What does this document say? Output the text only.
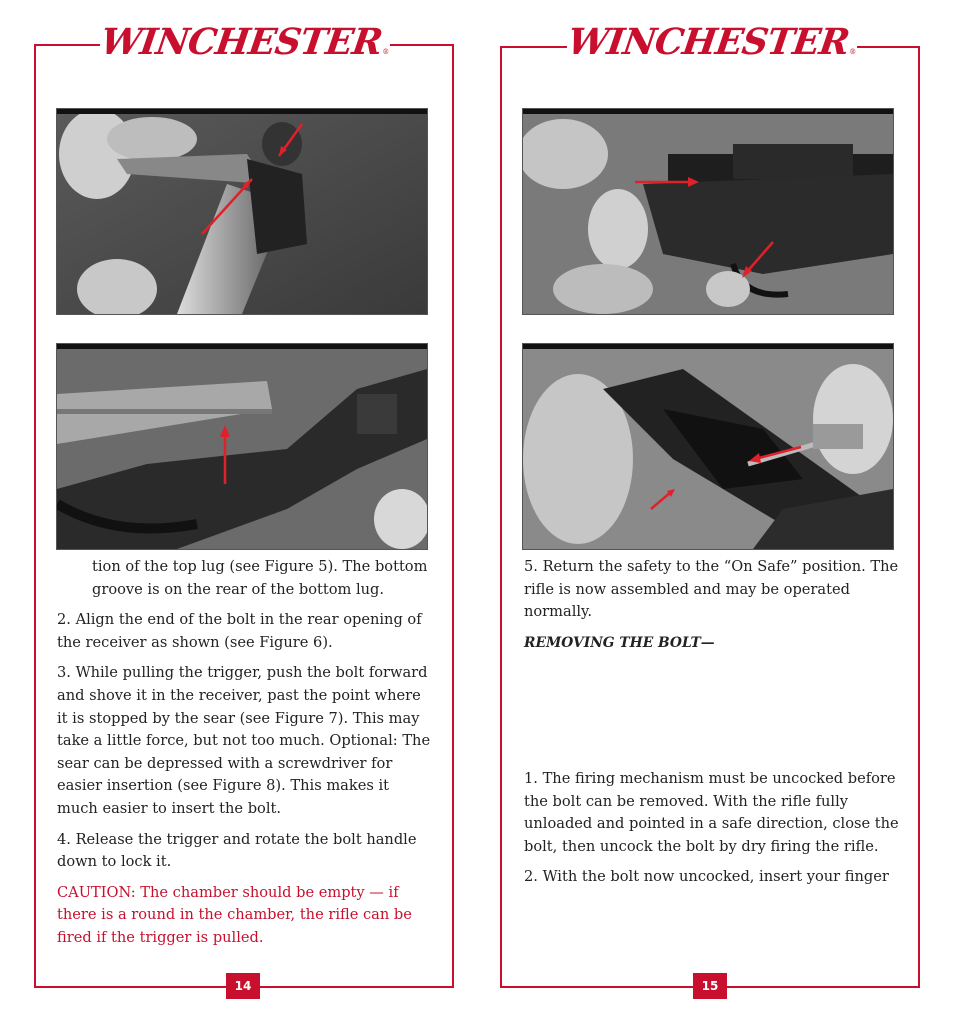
WINCHESTER
®

tion of the top lug (see Figure 5). The bottom groove is on the rear of the bottom lug.

2. Align the end of the bolt in the rear opening of the receiver as shown (see Figure 6).

3. While pulling the trigger, push the bolt forward and shove it in the receiver, past the point where it is stopped by the sear (see Figure 7). This may take a little force, but not too much. Optional: The sear can be depressed with a screwdriver for easier insertion (see Figure 8). This makes it much easier to insert the bolt.

4. Release the trigger and rotate the bolt handle down to lock it.

CAUTION: The chamber should be empty — if there is a round in the chamber, the rifle can be fired if the trigger is pulled.

14
WINCHESTER
®

5. Return the safety to the “On Safe” position. The rifle is now assembled and may be operated normally.

REMOVING THE BOLT—

1. The firing mechanism must be uncocked before the bolt can be removed. With the rifle fully unloaded and pointed in a safe direction, close the bolt, then uncock the bolt by dry firing the rifle.

2. With the bolt now uncocked, insert your finger

15
